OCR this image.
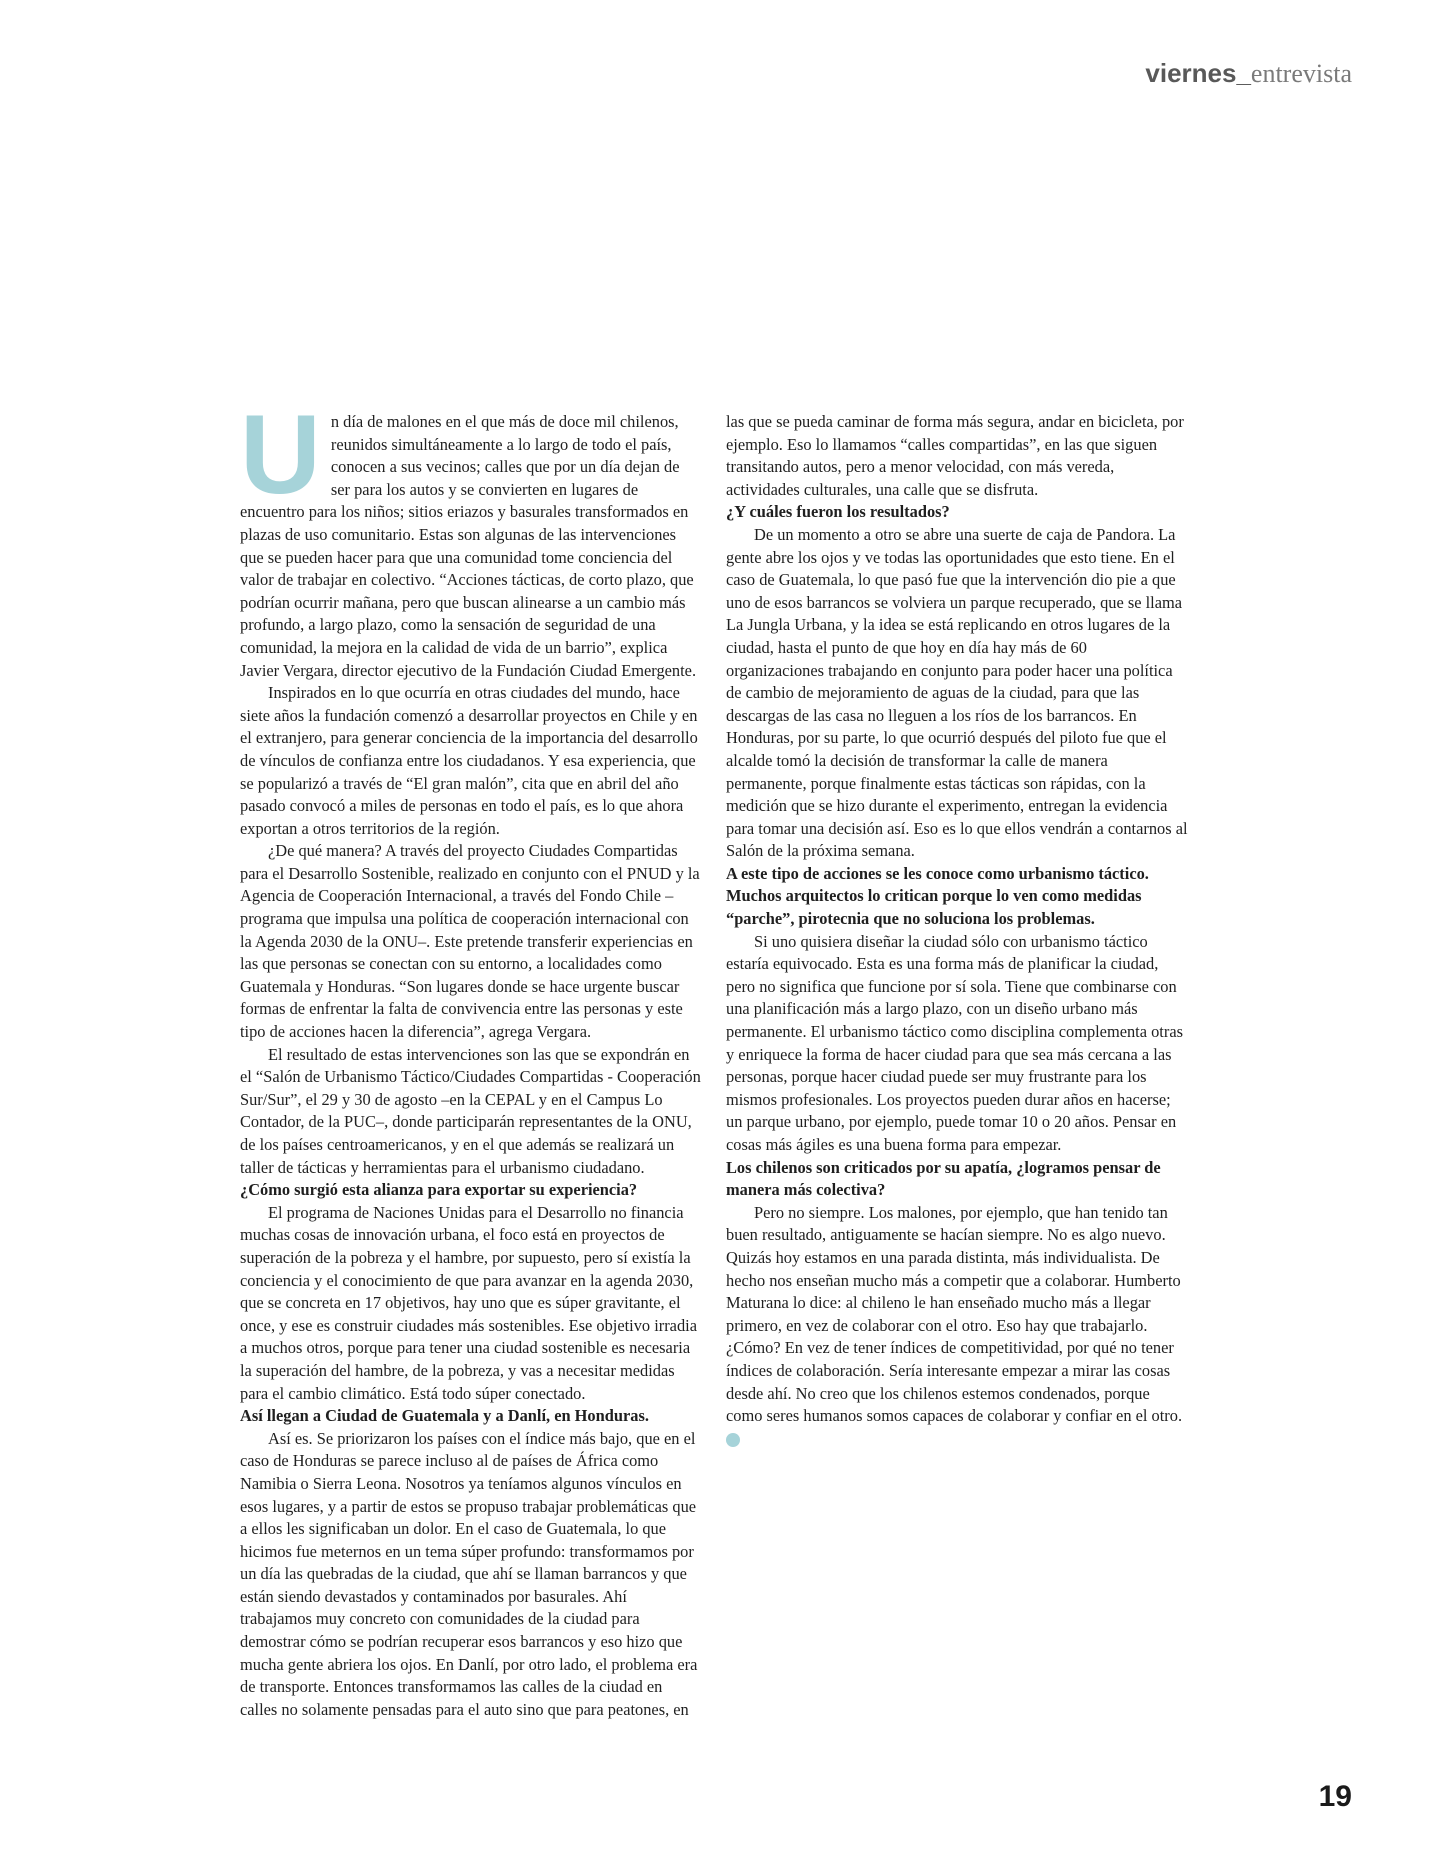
viernes_entrevista

Un día de malones en el que más de doce mil chilenos, reunidos simultáneamente a lo largo de todo el país, conocen a sus vecinos; calles que por un día dejan de ser para los autos y se convierten en lugares de encuentro para los niños; sitios eriazos y basurales transformados en plazas de uso comunitario. Estas son algunas de las intervenciones que se pueden hacer para que una comunidad tome conciencia del valor de trabajar en colectivo. “Acciones tácticas, de corto plazo, que podrían ocurrir mañana, pero que buscan alinearse a un cambio más profundo, a largo plazo, como la sensación de seguridad de una comunidad, la mejora en la calidad de vida de un barrio”, explica Javier Vergara, director ejecutivo de la Fundación Ciudad Emergente.

Inspirados en lo que ocurría en otras ciudades del mundo, hace siete años la fundación comenzó a desarrollar proyectos en Chile y en el extranjero, para generar conciencia de la importancia del desarrollo de vínculos de confianza entre los ciudadanos. Y esa experiencia, que se popularizó a través de “El gran malón”, cita que en abril del año pasado convocó a miles de personas en todo el país, es lo que ahora exportan a otros territorios de la región.

¿De qué manera? A través del proyecto Ciudades Compartidas para el Desarrollo Sostenible, realizado en conjunto con el PNUD y la Agencia de Cooperación Internacional, a través del Fondo Chile –programa que impulsa una política de cooperación internacional con la Agenda 2030 de la ONU–. Este pretende transferir experiencias en las que personas se conectan con su entorno, a localidades como Guatemala y Honduras. “Son lugares donde se hace urgente buscar formas de enfrentar la falta de convivencia entre las personas y este tipo de acciones hacen la diferencia”, agrega Vergara.

El resultado de estas intervenciones son las que se expondrán en el “Salón de Urbanismo Táctico/Ciudades Compartidas - Cooperación Sur/Sur”, el 29 y 30 de agosto –en la CEPAL y en el Campus Lo Contador, de la PUC–, donde participarán representantes de la ONU, de los países centroamericanos, y en el que además se realizará un taller de tácticas y herramientas para el urbanismo ciudadano.

¿Cómo surgió esta alianza para exportar su experiencia?

El programa de Naciones Unidas para el Desarrollo no financia muchas cosas de innovación urbana, el foco está en proyectos de superación de la pobreza y el hambre, por supuesto, pero sí existía la conciencia y el conocimiento de que para avanzar en la agenda 2030, que se concreta en 17 objetivos, hay uno que es súper gravitante, el once, y ese es construir ciudades más sostenibles. Ese objetivo irradia a muchos otros, porque para tener una ciudad sostenible es necesaria la superación del hambre, de la pobreza, y vas a necesitar medidas para el cambio climático. Está todo súper conectado.

Así llegan a Ciudad de Guatemala y a Danlí, en Honduras.

Así es. Se priorizaron los países con el índice más bajo, que en el caso de Honduras se parece incluso al de países de África como Namibia o Sierra Leona. Nosotros ya teníamos algunos vínculos en esos lugares, y a partir de estos se propuso trabajar problemáticas que a ellos les significaban un dolor. En el caso de Guatemala, lo que hicimos fue meternos en un tema súper profundo: transformamos por un día las quebradas de la ciudad, que ahí se llaman barrancos y que están siendo devastados y contaminados por basurales. Ahí trabajamos muy concreto con comunidades de la ciudad para demostrar cómo se podrían recuperar esos barrancos y eso hizo que mucha gente abriera los ojos. En Danlí, por otro lado, el problema era de transporte. Entonces transformamos las calles de la ciudad en calles no solamente pensadas para el auto sino que para peatones, en las que se pueda caminar de forma más segura, andar en bicicleta, por ejemplo. Eso lo llamamos “calles compartidas”, en las que siguen transitando autos, pero a menor velocidad, con más vereda, actividades culturales, una calle que se disfruta.

¿Y cuáles fueron los resultados?

De un momento a otro se abre una suerte de caja de Pandora. La gente abre los ojos y ve todas las oportunidades que esto tiene. En el caso de Guatemala, lo que pasó fue que la intervención dio pie a que uno de esos barrancos se volviera un parque recuperado, que se llama La Jungla Urbana, y la idea se está replicando en otros lugares de la ciudad, hasta el punto de que hoy en día hay más de 60 organizaciones trabajando en conjunto para poder hacer una política de cambio de mejoramiento de aguas de la ciudad, para que las descargas de las casa no lleguen a los ríos de los barrancos. En Honduras, por su parte, lo que ocurrió después del piloto fue que el alcalde tomó la decisión de transformar la calle de manera permanente, porque finalmente estas tácticas son rápidas, con la medición que se hizo durante el experimento, entregan la evidencia para tomar una decisión así. Eso es lo que ellos vendrán a contarnos al Salón de la próxima semana.

A este tipo de acciones se les conoce como urbanismo táctico. Muchos arquitectos lo critican porque lo ven como medidas “parche”, pirotecnia que no soluciona los problemas.

Si uno quisiera diseñar la ciudad sólo con urbanismo táctico estaría equivocado. Esta es una forma más de planificar la ciudad, pero no significa que funcione por sí sola. Tiene que combinarse con una planificación más a largo plazo, con un diseño urbano más permanente. El urbanismo táctico como disciplina complementa otras y enriquece la forma de hacer ciudad para que sea más cercana a las personas, porque hacer ciudad puede ser muy frustrante para los mismos profesionales. Los proyectos pueden durar años en hacerse; un parque urbano, por ejemplo, puede tomar 10 o 20 años. Pensar en cosas más ágiles es una buena forma para empezar.

Los chilenos son criticados por su apatía, ¿logramos pensar de manera más colectiva?

Pero no siempre. Los malones, por ejemplo, que han tenido tan buen resultado, antiguamente se hacían siempre. No es algo nuevo. Quizás hoy estamos en una parada distinta, más individualista. De hecho nos enseñan mucho más a competir que a colaborar. Humberto Maturana lo dice: al chileno le han enseñado mucho más a llegar primero, en vez de colaborar con el otro. Eso hay que trabajarlo. ¿Cómo? En vez de tener índices de competitividad, por qué no tener índices de colaboración. Sería interesante empezar a mirar las cosas desde ahí. No creo que los chilenos estemos condenados, porque como seres humanos somos capaces de colaborar y confiar en el otro.V

19
